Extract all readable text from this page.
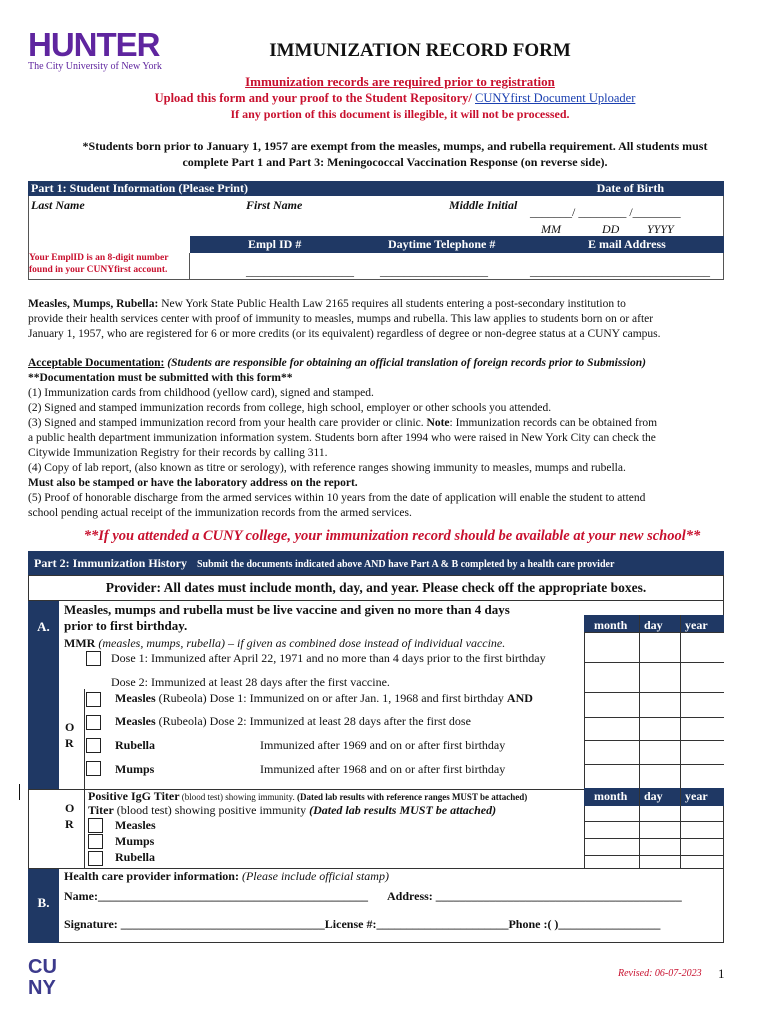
HUNTER
The City University of New York
IMMUNIZATION RECORD FORM
Immunization records are required prior to registration
Upload this form and your proof to the Student Repository/ CUNYfirst Document Uploader
If any portion of this document is illegible, it will not be processed.
*Students born prior to January 1, 1957 are exempt from the measles, mumps, and rubella requirement. All students must
complete Part 1 and Part 3: Meningococcal Vaccination Response (on reverse side).
Part 1: Student Information (Please Print)	Date of Birth
Last Name	First Name	Middle Initial _______/ ________ /________
MM	DD YYYY
Empl ID #	Daytime Telephone #	E mail Address
Your EmplID is an 8-digit number
found in your CUNYfirst account.	__________________ __________________	______________________________
Measles, Mumps, Rubella: New York State Public Health Law 2165 requires all students entering a post-secondary institution to
provide their health services center with proof of immunity to measles, mumps and rubella. This law applies to students born on or after
January 1, 1957, who are registered for 6 or more credits (or its equivalent) regardless of degree or non-degree status at a CUNY campus.
Acceptable Documentation: (Students are responsible for obtaining an official translation of foreign records prior to Submission)
**Documentation must be submitted with this form**
(1) Immunization cards from childhood (yellow card), signed and stamped.
(2) Signed and stamped immunization records from college, high school, employer or other schools you attended.
(3) Signed and stamped immunization record from your health care provider or clinic. Note: Immunization records can be obtained from
a public health department immunization information system. Students born after 1994 who were raised in New York City can check the
Citywide Immunization Registry for their records by calling 311.
(4) Copy of lab report, (also known as titre or serology), with reference ranges showing immunity to measles, mumps and rubella.
Must also be stamped or have the laboratory address on the report.
(5) Proof of honorable discharge from the armed services within 10 years from the date of application will enable the student to attend
school pending actual receipt of the immunization records from the armed services.
**If you attended a CUNY college, your immunization record should be available at your new school**
Part 2: Immunization History Submit the documents indicated above AND have Part A & B completed by a health care provider
Provider: All dates must include month, day, and year. Please check off the appropriate boxes.
A.
Measles, mumps and rubella must be live vaccine and given no more than 4 days
prior to first birthday.
MMR (measles, mumps, rubella) – if given as combined dose instead of individual vaccine.
month day year
Dose 1: Immunized after April 22, 1971 and no more than 4 days prior to the first birthday
Dose 2: Immunized at least 28 days after the first vaccine.
O
R
Measles (Rubeola) Dose 1: Immunized on or after Jan. 1, 1968 and first birthday AND
Measles (Rubeola) Dose 2: Immunized at least 28 days after the first dose
Rubella	Immunized after 1969 and on or after first birthday
Mumps	Immunized after 1968 and on or after first birthday
O
R
Positive IgG Titer (blood test) showing immunity. (Dated lab results with reference ranges MUST be attached)
Titer (blood test) showing positive immunity (Dated lab results MUST be attached)
Measles
Mumps
Rubella
month day year
B.
Health care provider information: (Please include official stamp)
Name:_____________________________________________ Address: _________________________________________
Signature: __________________________________License #:______________________Phone :( )_________________
CU
NY
Revised: 06-07-2023 1
